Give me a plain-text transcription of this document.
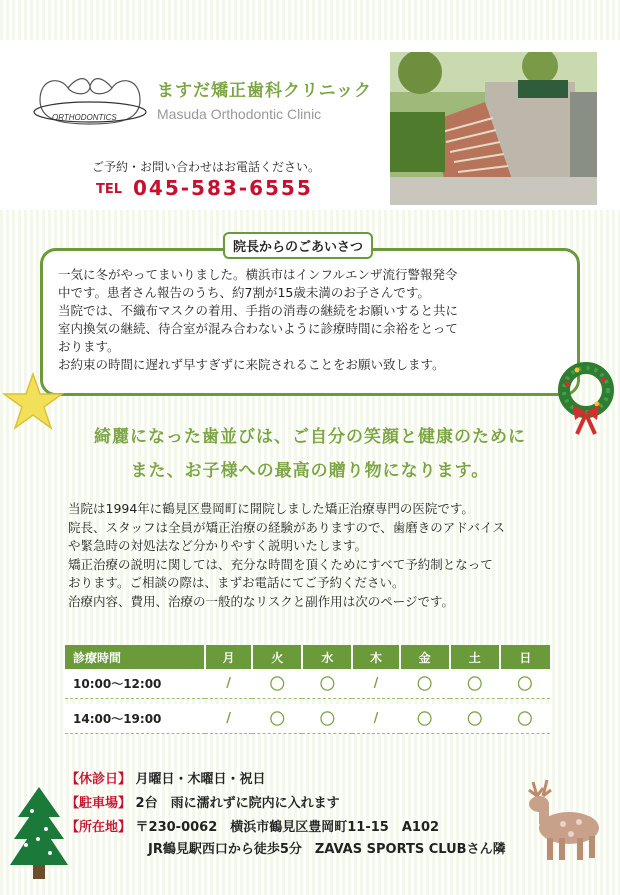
ORTHODONTICS
ますだ矯正歯科クリニック
Masuda Orthodontic Clinic
ご予約・お問い合わせはお電話ください。
TEL 045-583-6555
院長からのごあいさつ

一気に冬がやってまいりました。横浜市はインフルエンザ流行警報発令

中です。患者さん報告のうち、約7割が15歳未満のお子さんです。

当院では、不織布マスクの着用、手指の消毒の継続をお願いすると共に

室内換気の継続、待合室が混み合わないように診療時間に余裕をとって

おります。

お約束の時間に遅れず早すぎずに来院されることをお願い致します。

綺麗になった歯並びは、ご自分の笑顔と健康のために
また、お子様への最高の贈り物になります。

当院は1994年に鶴見区豊岡町に開院しました矯正治療専門の医院です。

院長、スタッフは全員が矯正治療の経験がありますので、歯磨きのアドバイス

や緊急時の対処法など分かりやすく説明いたします。

矯正治療の説明に関しては、充分な時間を頂くためにすべて予約制となって

おります。ご相談の際は、まずお電話にてご予約ください。

治療内容、費用、治療の一般的なリスクと副作用は次のページです。

診療時間	月	火	水	木	金	土	日
10:00〜12:00	/	〇	〇	/	〇	〇	〇

14:00〜19:00	/	〇	〇	/	〇	〇	〇
【休診日】 月曜日・木曜日・祝日
【駐車場】 2台　雨に濡れずに院内に入れます
【所在地】 〒230-0062　横浜市鶴見区豊岡町11-15　A102
JR鶴見駅西口から徒歩5分　ZAVAS SPORTS CLUBさん隣
